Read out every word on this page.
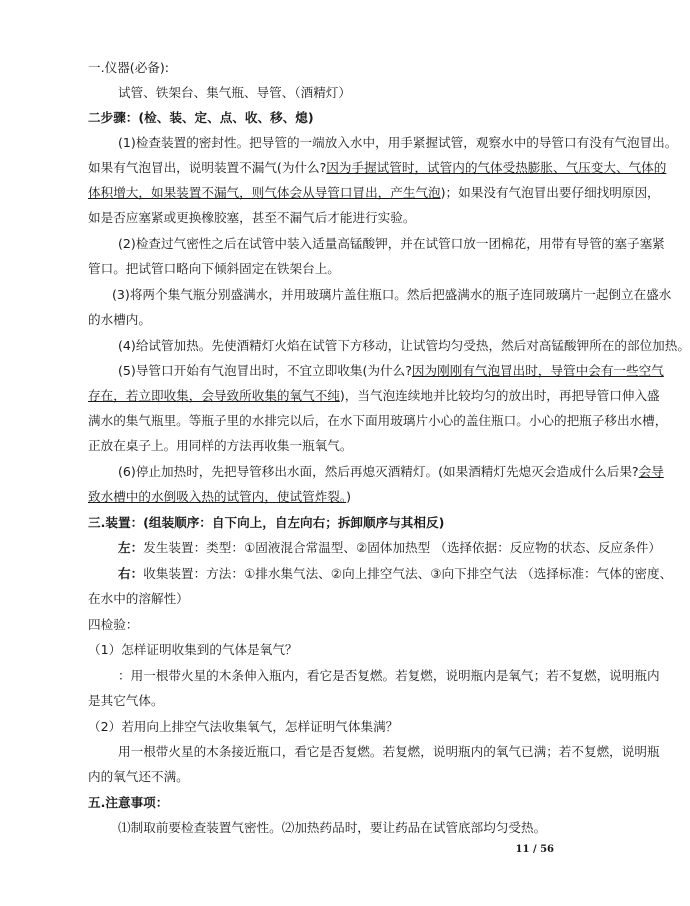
一.仪器(必备):
试管、铁架台、集气瓶、导管、（酒精灯）
二步骤：(检、装、定、点、收、移、熄)
(1)检查装置的密封性。把导管的一端放入水中，用手紧握试管，观察水中的导管口有没有气泡冒出。
如果有气泡冒出，说明装置不漏气(为什么?因为手握试管时，试管内的气体受热膨胀、气压变大、气体的
体积增大，如果装置不漏气，则气体会从导管口冒出，产生气泡)；如果没有气泡冒出要仔细找明原因，
如是否应塞紧或更换橡胶塞，甚至不漏气后才能进行实验。
(2)检查过气密性之后在试管中装入适量高锰酸钾，并在试管口放一团棉花，用带有导管的塞子塞紧
管口。把试管口略向下倾斜固定在铁架台上。
(3)将两个集气瓶分别盛满水，并用玻璃片盖住瓶口。然后把盛满水的瓶子连同玻璃片一起倒立在盛水
的水槽内。
(4)给试管加热。先使酒精灯火焰在试管下方移动，让试管均匀受热，然后对高锰酸钾所在的部位加热。
(5)导管口开始有气泡冒出时，不宜立即收集(为什么?因为刚刚有气泡冒出时，导管中会有一些空气
存在，若立即收集，会导致所收集的氧气不纯)，当气泡连续地并比较均匀的放出时，再把导管口伸入盛
满水的集气瓶里。等瓶子里的水排完以后，在水下面用玻璃片小心的盖住瓶口。小心的把瓶子移出水槽，
正放在桌子上。用同样的方法再收集一瓶氧气。
(6)停止加热时，先把导管移出水面，然后再熄灭酒精灯。(如果酒精灯先熄灭会造成什么后果?会导
致水槽中的水倒吸入热的试管内，使试管炸裂。)
三.装置：(组装顺序：自下向上，自左向右；拆卸顺序与其相反)
左：发生装置：类型：①固液混合常温型、②固体加热型 （选择依据：反应物的状态、反应条件）
右：收集装置：方法：①排水集气法、②向上排空气法、③向下排空气法 （选择标准：气体的密度、
在水中的溶解性）
四检验：
（1）怎样证明收集到的气体是氧气？
：用一根带火星的木条伸入瓶内，看它是否复燃。若复燃，说明瓶内是氧气；若不复燃，说明瓶内
是其它气体。
（2）若用向上排空气法收集氧气，怎样证明气体集满？
用一根带火星的木条接近瓶口，看它是否复燃。若复燃，说明瓶内的氧气已满；若不复燃，说明瓶
内的氧气还不满。
五.注意事项：
⑴制取前要检查装置气密性。⑵加热药品时，要让药品在试管底部均匀受热。
11 / 56
